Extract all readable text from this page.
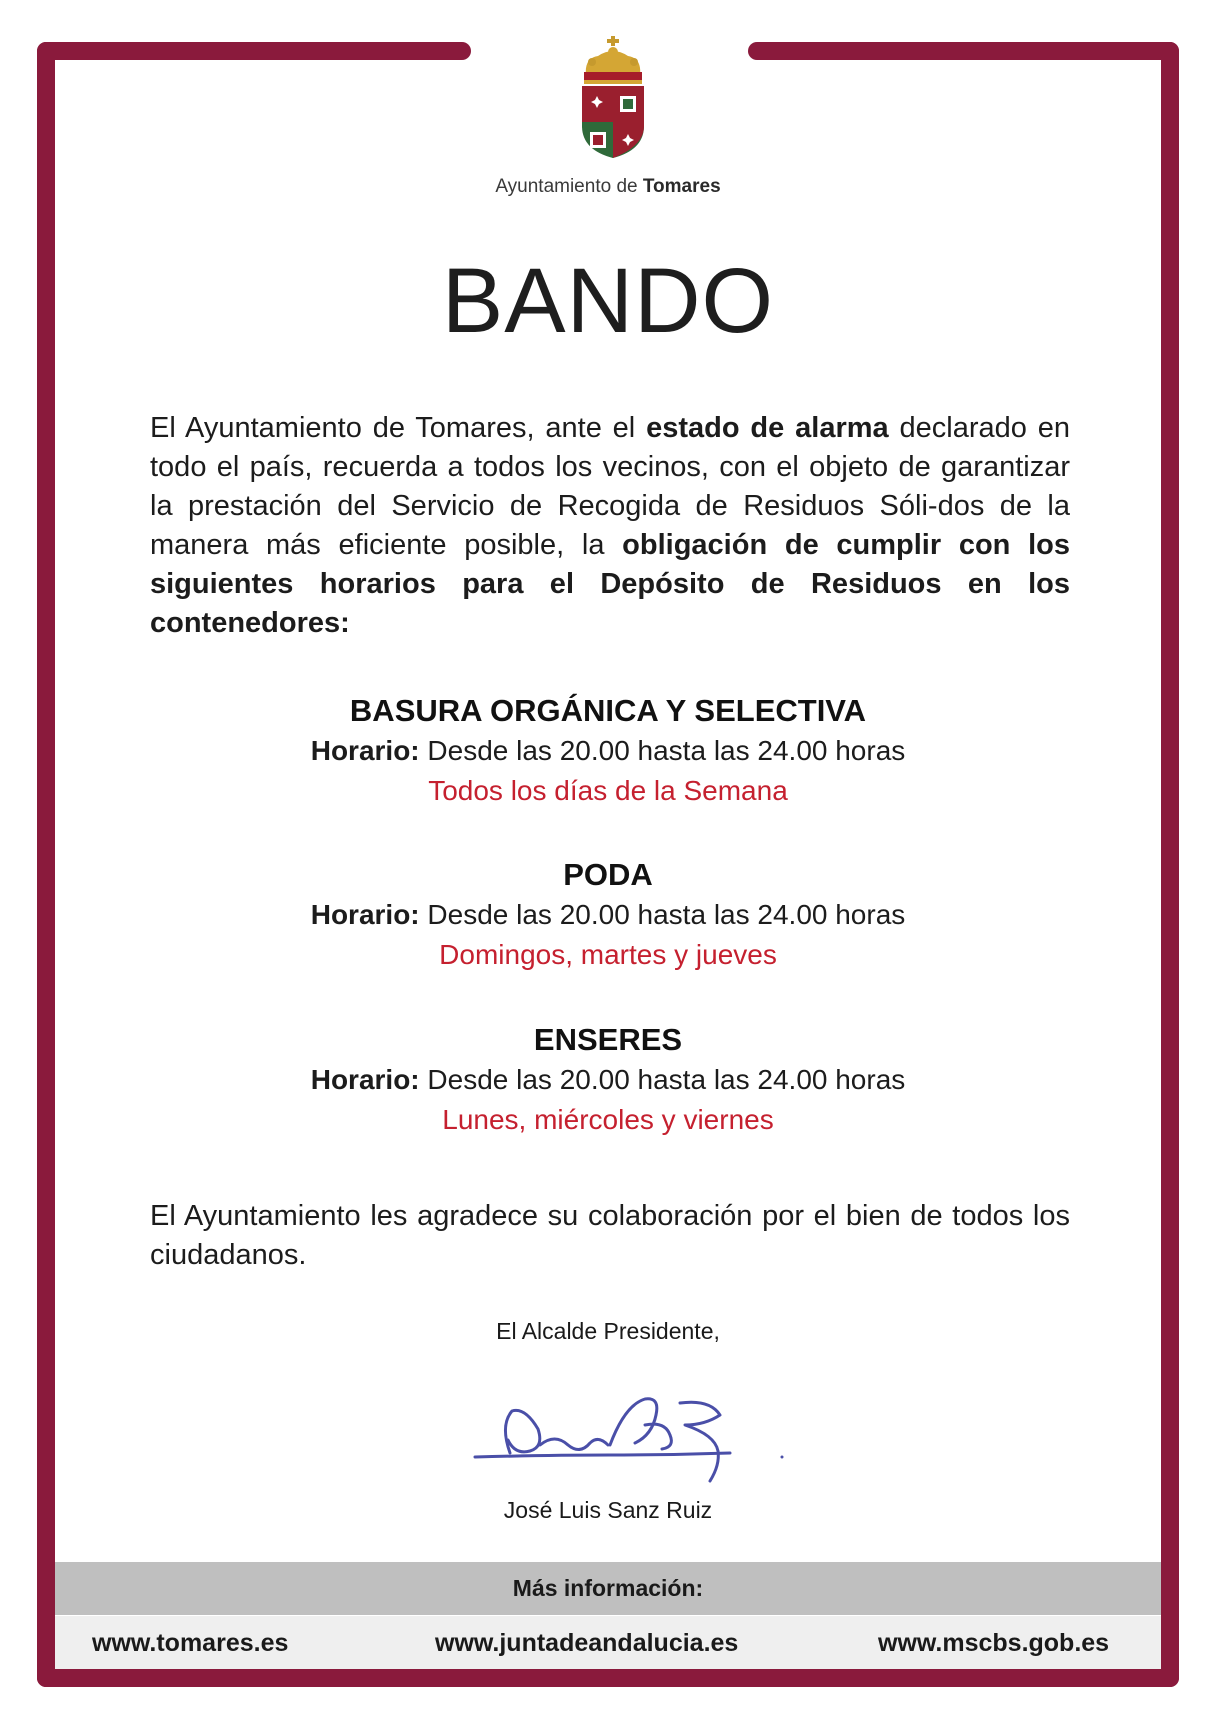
Ayuntamiento de Tomares
BANDO
El Ayuntamiento de Tomares, ante el estado de alarma declarado en todo el país, recuerda a todos los vecinos, con el objeto de garantizar la prestación del Servicio de Recogida de Residuos Sóli-dos de la manera más eficiente posible, la obligación de cumplir con los siguientes horarios para el Depósito de Residuos en los contenedores:
BASURA ORGÁNICA Y SELECTIVA
Horario: Desde las 20.00 hasta las 24.00 horas
Todos los días de la Semana
PODA
Horario: Desde las 20.00 hasta las 24.00 horas
Domingos, martes y jueves
ENSERES
Horario: Desde las 20.00 hasta las 24.00 horas
Lunes, miércoles y viernes
El Ayuntamiento les agradece su colaboración por el bien de todos los ciudadanos.
El Alcalde Presidente,
José Luis Sanz Ruiz
Más información:
www.tomares.es	www.juntadeandalucia.es	www.mscbs.gob.es
